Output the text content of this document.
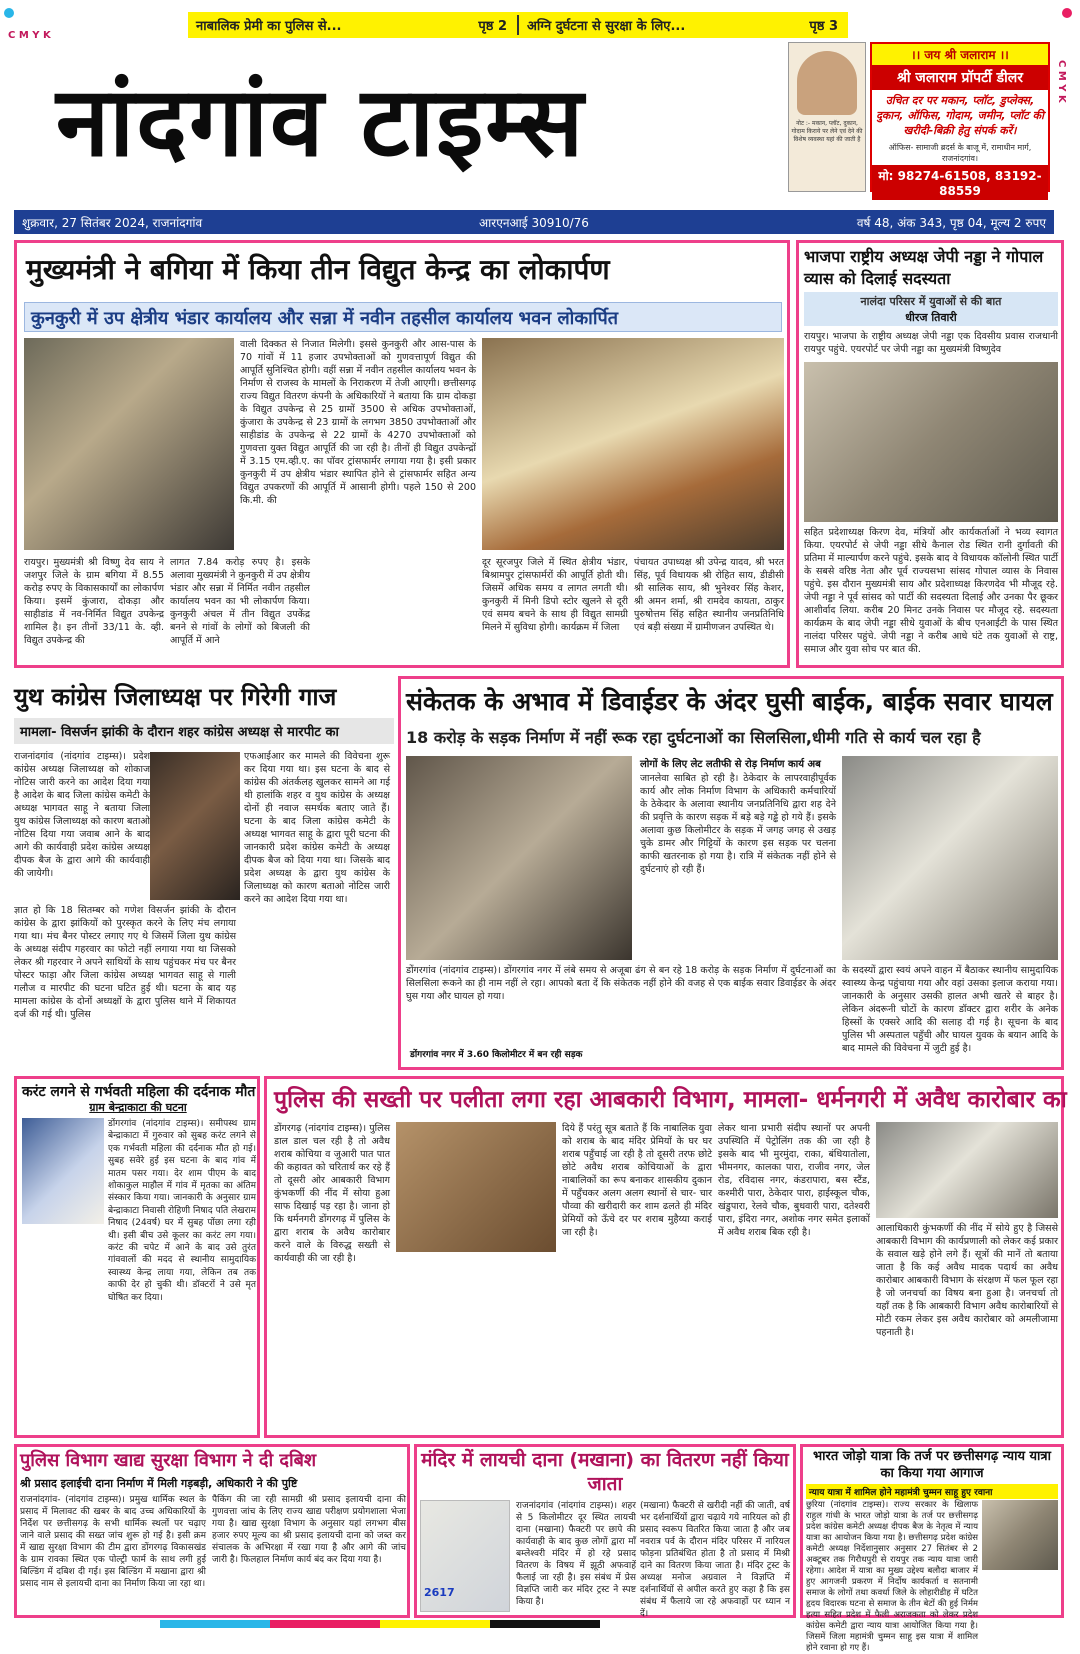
C M Y K
C M Y K
नाबालिक प्रेमी का पुलिस से...	पृष्ठ 2 अग्नि दुर्घटना से सुरक्षा के लिए...	पृष्ठ 3
नांदगांव टाइम्स	नोट :- मकान, प्लॉट, दुकान, गोदाम किराये पर लेने एवं देने की विशेष व्यवस्था यहां की जाती है
।। जय श्री जलाराम ।।
श्री जलाराम प्रॉपर्टी डीलर
उचित दर पर मकान, प्लॉट, डुप्लेक्स, दुकान, ऑफिस, गोदाम, जमीन, प्लॉट की खरीदी-बिक्री हेतु संपर्क करें।
ऑफिस- सामाजी ब्रदर्स के बाजू में, रामाधीन मार्ग, राजनांदगांव।
मो: 98274-61508, 83192-88559
शुक्रवार, 27 सितंबर 2024, राजनांदगांव	आरएनआई 30910/76	वर्ष 48, अंक 343, पृष्ठ 04, मूल्य 2 रुपए
मुख्यमंत्री ने बगिया में किया तीन विद्युत केन्द्र का लोकार्पण
कुनकुरी में उप क्षेत्रीय भंडार कार्यालय और सन्ना में नवीन तहसील कार्यालय भवन लोकार्पित
रायपुर। मुख्यमंत्री श्री विष्णु देव साय ने जशपुर जिले के ग्राम बगिया में 8.55 करोड़ रुपए के विकासकार्यों का लोकार्पण किया। इसमें कुंजारा, दोकड़ा और साहीडांड में नव-निर्मित विद्युत उपकेन्द्र शामिल है। इन तीनों 33/11 के. व्ही. विद्युत उपकेन्द्र की
लागत 7.84 करोड़ रुपए है। इसके अलावा मुख्यमंत्री ने कुनकुरी में उप क्षेत्रीय भंडार और सन्ना में निर्मित नवीन तहसील कार्यालय भवन का भी लोकार्पण किया। कुनकुरी अंचल में तीन विद्युत उपकेंद्र बनने से गांवों के लोगों को बिजली की आपूर्ति में आने
वाली दिक्कत से निजात मिलेगी। इससे कुनकुरी और आस-पास के 70 गांवों में 11 हजार उपभोक्ताओं को गुणवत्तापूर्ण विद्युत की आपूर्ति सुनिश्चित होगी। वहीं सन्ना में नवीन तहसील कार्यालय भवन के निर्माण से राजस्व के मामलों के निराकरण में तेजी आएगी। छत्तीसगढ़ राज्य विद्युत वितरण कंपनी के अधिकारियों ने बताया कि ग्राम दोकड़ा के विद्युत उपकेन्द्र से 25 ग्रामों 3500 से अधिक उपभोक्ताओं, कुंजारा के उपकेन्द्र से 23 ग्रामों के लगभग 3850 उपभोक्ताओं और साहीडांड के उपकेन्द्र से 22 ग्रामों के 4270 उपभोक्ताओं को गुणवत्ता युक्त विद्युत आपूर्ति की जा रही है। तीनों ही विद्युत उपकेन्द्रों में 3.15 एम.व्ही.ए. का पॉवर ट्रांसफार्मर लगाया गया है। इसी प्रकार कुनकुरी में उप क्षेत्रीय भंडार स्थापित होने से ट्रांसफार्मर सहित अन्य विद्युत उपकरणों की आपूर्ति में आसानी होगी। पहले 150 से 200 कि.मी. की
दूर सूरजपुर जिले में स्थित क्षेत्रीय भंडार, बिश्रामपुर ट्रांसफार्मरों की आपूर्ति होती थी। जिसमें अधिक समय व लागत लगती थी। कुनकुरी में मिनी डिपो स्टोर खुलने से दूरी एवं समय बचने के साथ ही विद्युत सामग्री मिलने में सुविधा होगी। कार्यक्रम में जिला
पंचायत उपाध्यक्ष श्री उपेन्द्र यादव, श्री भरत सिंह, पूर्व विधायक श्री रोहित साय, डीडीसी श्री सालिक साय, श्री भुनेश्वर सिंह केशर, श्री अमन शर्मा, श्री रामदेव कायता, ठाकुर पुरुषोत्तम सिंह सहित स्थानीय जनप्रतिनिधि एवं बड़ी संख्या में ग्रामीणजन उपस्थित थे।
भाजपा राष्ट्रीय अध्यक्ष जेपी नड्डा ने गोपाल व्यास को दिलाई सदस्यता
नालंदा परिसर में युवाओं से की बात
धीरज तिवारी
रायपुर। भाजपा के राष्ट्रीय अध्यक्ष जेपी नड्डा एक दिवसीय प्रवास राजधानी रायपुर पहुंचे. एयरपोर्ट पर जेपी नड्डा का मुख्यमंत्री विष्णुदेव
सहित प्रदेशाध्यक्ष किरण देव, मंत्रियों और कार्यकर्ताओं ने भव्य स्वागत किया. एयरपोर्ट से जेपी नड्डा सीधे कैनाल रोड स्थित रानी दुर्गावती की प्रतिमा में माल्यार्पण करने पहुंचे. इसके बाद वे विधायक कॉलोनी स्थित पार्टी के सबसे वरिष्ठ नेता और पूर्व राज्यसभा सांसद गोपाल व्यास के निवास पहुंचे. इस दौरान मुख्यमंत्री साय और प्रदेशाध्यक्ष किरणदेव भी मौजूद रहे. जेपी नड्डा ने पूर्व सांसद को पार्टी की सदस्यता दिलाई और उनका पैर छूकर आशीर्वाद लिया. करीब 20 मिनट उनके निवास पर मौजूद रहे. सदस्यता कार्यक्रम के बाद जेपी नड्डा सीधे युवाओं के बीच एनआईटी के पास स्थित नालंदा परिसर पहुंचे. जेपी नड्डा ने करीब आधे घंटे तक युवाओं से राष्ट्र, समाज और युवा सोच पर बात की.
युथ कांग्रेस जिलाध्यक्ष पर गिरेगी गाज
मामला- विसर्जन झांकी के दौरान शहर कांग्रेस अध्यक्ष से मारपीट का
राजनांदगांव (नांदगांव टाइम्स)। प्रदेश कांग्रेस अध्यक्ष जिलाध्यक्ष को शोकाज नोटिस जारी करने का आदेश दिया गया है आदेश के बाद जिला कांग्रेस कमेटी के अध्यक्ष भागवत साहू ने बताया जिला युथ कांग्रेस जिलाध्यक्ष को कारण बताओ नोटिस दिया गया जवाब आने के बाद आगे की कार्यवाही प्रदेश कांग्रेस अध्यक्ष दीपक बैज के द्वारा आगे की कार्यवाही की जायेगी।
ज्ञात हो कि 18 सितम्बर को गणेश विसर्जन झांकी के दौरान कांग्रेस के द्वारा झांकियों को पुरस्कृत करने के लिए मंच लगाया गया था। मंच बैनर पोस्टर लगाए गए थे जिसमें जिला युथ कांग्रेस के अध्यक्ष संदीप गहरवार का फोटो नहीं लगाया गया था जिसको लेकर श्री गहरवार ने अपने साथियों के साथ पहुंचकर मंच पर बैनर पोस्टर फाड़ा और जिला कांग्रेस अध्यक्ष भागवत साहू से गाली गलौज व मारपीट की घटना घटित हुई थी। घटना के बाद यह मामला कांग्रेस के दोनों अध्यक्षों के द्वारा पुलिस थाने में शिकायत दर्ज की गई थी। पुलिस
एफआईआर कर मामले की विवेचना शुरू कर दिया गया था। इस घटना के बाद से कांग्रेस की अंतर्कलह खुलकर सामने आ गई थी हालांकि शहर व युथ कांग्रेस के अध्यक्ष दोनों ही नवाज समर्थक बताए जाते हैं। घटना के बाद जिला कांग्रेस कमेटी के अध्यक्ष भागवत साहू के द्वारा पूरी घटना की जानकारी प्रदेश कांग्रेस कमेटी के अध्यक्ष दीपक बैज को दिया गया था। जिसके बाद प्रदेश अध्यक्ष के द्वारा युथ कांग्रेस के जिलाध्यक्ष को कारण बताओ नोटिस जारी करने का आदेश दिया गया था।
संकेतक के अभाव में डिवाईडर के अंदर घुसी बाईक, बाईक सवार घायल
18 करोड़ के सड़क निर्माण में नहीं रूक रहा दुर्घटनाओं का सिलसिला,धीमी गति से कार्य चल रहा है
लोगों के लिए लेट लतीफी से रोड़ निर्माण कार्य अब
जानलेवा साबित हो रही है। ठेकेदार के लापरवाहीपूर्वक कार्य और लोक निर्माण विभाग के अधिकारी कर्मचारियों के ठेकेदार के अलावा स्थानीय जनप्रतिनिधि द्वारा शह देने की प्रवृत्ति के कारण सड़क में बड़े बड़े गड्ढे हो गये हैं। इसके अलावा कुछ किलोमीटर के सड़क में जगह जगह से उखड़ चुके डामर और गिट्टियों के कारण इस सड़क पर चलना काफी खतरनाक हो गया है। रात्रि में संकेतक नहीं होने से दुर्घटनाएं हो रही हैं।
डोंगरगांव (नांदगांव टाइम्स)। डोंगरगांव नगर में लंबे समय से अजूबा ढंग से बन रहे 18 करोड़ के सड़क निर्माण में दुर्घटनाओं का सिलसिला रूकने का ही नाम नहीं ले रहा। आपको बता दें कि संकेतक नहीं होने की वजह से एक बाईक सवार डिवाईडर के अंदर घुस गया और घायल हो गया।
डोंगरगांव नगर में 3.60 किलोमीटर में बन रही सड़क
के सदस्यों द्वारा स्वयं अपने वाहन में बैठाकर स्थानीय सामुदायिक स्वास्थ्य केन्द्र पहुंचाया गया और वहां उसका इलाज कराया गया। जानकारी के अनुसार उसकी हालत अभी खतरे से बाहर है। लेकिन अंदरूनी चोटों के कारण डॉक्टर द्वारा शरीर के अनेक हिस्सों के एक्सरे आदि की सलाह दी गई है। सूचना के बाद पुलिस भी अस्पताल पहुँची और घायल युवक के बयान आदि के बाद मामले की विवेचना में जुटी हुई है।
करंट लगने से गर्भवती महिला की दर्दनाक मौत
ग्राम बेन्द्राकाटा की घटना
डोंगरगांव (नांदगांव टाइम्स)। समीपस्थ ग्राम बेन्द्राकाटा में गुरुवार को सुबह करंट लगने से एक गर्भवती महिला की दर्दनाक मौत हो गई। सुबह सवेरे हुई इस घटना के बाद गांव में मातम पसर गया। देर शाम पीएम के बाद शोकाकुल माहौल में गांव में मृतका का अंतिम संस्कार किया गया। जानकारी के अनुसार ग्राम बेन्द्राकाटा निवासी रोहिणी निषाद पति लेखराम निषाद (24वर्ष) घर में सुबह पोंछा लगा रही थी। इसी बीच उसे कूलर का करंट लग गया। करंट की चपेट में आने के बाद उसे तुरंत गांववालों की मदद से स्थानीय सामुदायिक स्वास्थ्य केन्द्र लाया गया, लेकिन तब तक काफी देर हो चुकी थी। डॉक्टरों ने उसे मृत घोषित कर दिया।
पुलिस की सख्ती पर पलीता लगा रहा आबकारी विभाग, मामला- धर्मनगरी में अवैध कारोबार का
डोंगरगढ़ (नांदगांव टाइम्स)। पुलिस डाल डाल चल रही है तो अवैध शराब कोचिया व जुआरी पात पात की कहावत को चरितार्थ कर रहे हैं तो दूसरी ओर आबकारी विभाग कुंभकर्णी की नींद में सोया हुआ साफ दिखाई पड़ रहा है। जाना हो कि धर्मनगरी डोंगरगढ़ में पुलिस के द्वारा शराब के अवैध कारोबार करने वाले के विरुद्ध सख्ती से कार्यवाही की जा रही है।
दिये हैं परंतु सूत्र बताते हैं कि नाबालिक युवा को शराब के बाद मंदिर प्रेमियों के घर घर शराब पहुँचाई जा रही है तो दूसरी तरफ छोटे छोटे अवैध शराब कोचियाओं के द्वारा नाबालिकों का रूप बनाकर शासकीय दुकान में पहुँचकर अलग अलग स्थानों से चार- चार पौव्वा की खरीदारी कर शाम ढलते ही मंदिर प्रेमियों को ऊँचे दर पर शराब मुहैय्या कराई जा रही है।
लेकर थाना प्रभारी संदीप स्थानों पर अपनी उपस्थिति में पेट्रोलिंग तक की जा रही है इसके बाद भी मुरमुंदा, राका, बंधियातोला, भीमनगर, कालका पारा, राजीव नगर, जेल रोड, रविदास नगर, कंडरापारा, बस स्टैंड, कश्मीरी पारा, ठेकेदार पारा, हाईस्कूल चौक, खंडुपारा, रेलवे चौक, बुधवारी पारा, दतेश्वरी पारा, इंदिरा नगर, अशोक नगर समेत इलाकों में अवैध शराब बिक रही है।	आलाधिकारी कुंभकर्णी की नींद में सोये हुए है जिससे आबकारी विभाग की कार्यप्रणाली को लेकर कई प्रकार के सवाल खड़े होने लगे हैं। सूत्रों की मानें तो बताया जाता है कि कई अवैध मादक पदार्थ का अवैध कारोबार आबकारी विभाग के संरक्षण में फल फूल रहा है जो जनचर्चा का विषय बना हुआ है। जनचर्चा तो यहाँ तक है कि आबकारी विभाग अवैध कारोबारियों से मोटी रकम लेकर इस अवैध कारोबार को अमलीजामा पहनाती है।
पुलिस विभाग खाद्य सुरक्षा विभाग ने दी दबिश
श्री प्रसाद इलाईची दाना निर्माण में मिली गड़बड़ी, अधिकारी ने की पुष्टि
राजनांदगांव- (नांदगांव टाइम्स)। प्रमुख धार्मिक स्थल के प्रसाद में मिलावट की खबर के बाद उच्च अधिकारियों के निर्देश पर छत्तीसगढ़ के सभी धार्मिक स्थलों पर चढ़ाए जाने वाले प्रसाद की सख्त जांच शुरू हो गई है। इसी क्रम में खाद्य सुरक्षा विभाग की टीम द्वारा डोंगरगढ़ विकासखंड के ग्राम रावका स्थित एक पोल्ट्री फार्म के साथ लगी हुई बिल्डिंग में दबिश दी गई। इस बिल्डिंग में मखाना द्वारा श्री प्रसाद नाम से इलायची दाना का निर्माण किया जा रहा था।
पैकिंग की जा रही सामग्री श्री प्रसाद इलायची दाना की गुणवत्ता जांच के लिए राज्य खाद्य परीक्षण प्रयोगशाला भेजा गया है। खाद्य सुरक्षा विभाग के अनुसार यहां लगभग बीस हजार रुपए मूल्य का श्री प्रसाद इलायची दाना को जब्त कर संचालक के अभिरक्षा में रखा गया है और आगे की जांच जारी है। फिलहाल निर्माण कार्य बंद कर दिया गया है।
मंदिर में लायची दाना (मखाना) का वितरण नहीं किया जाता
2617
राजनांदगांव (नांदगांव टाइम्स)। शहर से 5 किलोमीटर दूर स्थित लायची दाना (मखाना) फैक्टरी पर छापे की कार्यवाही के बाद कुछ लोगों द्वारा माँ बम्लेश्वरी मंदिर में हो रहे प्रसाद वितरण के विषय में झूठी अफवाहें फैलाई जा रही है। इस संबंध में प्रेस विज्ञप्ति जारी कर मंदिर ट्रस्ट ने स्पष्ट किया है।
(मखाना) फैक्टरी से खरीदी नहीं की जाती, वर्ष भर दर्शनार्थियों द्वारा चढ़ाये गये नारियल को ही प्रसाद स्वरूप वितरित किया जाता है और जब नवरात्र पर्व के दौरान मंदिर परिसर में नारियल फोड़ना प्रतिबंधित होता है तो प्रसाद में मिश्री दाने का वितरण किया जाता है। मंदिर ट्रस्ट के अध्यक्ष मनोज अग्रवाल ने विज्ञप्ति में दर्शनार्थियों से अपील करते हुए कहा है कि इस संबंध में फैलाये जा रहे अफवाहों पर ध्यान न दें।
भारत जोड़ो यात्रा कि तर्ज पर छत्तीसगढ़ न्याय यात्रा का किया गया आगाज
न्याय यात्रा में शामिल होने महामंत्री चुम्मन साहू हुए रवाना
छुरिया (नांदगांव टाइम्स)। राज्य सरकार के खिलाफ राहुल गांधी के भारत जोड़ो यात्रा के तर्ज पर छत्तीसगढ़ प्रदेश कांग्रेस कमेटी अध्यक्ष दीपक बैज के नेतृत्व में न्याय यात्रा का आयोजन किया गया है। छत्तीसगढ़ प्रदेश कांग्रेस कमेटी अध्यक्ष निर्देशानुसार अनुसार 27 सितंबर से 2 अक्टूबर तक गिरौधपुरी से रायपुर तक न्याय यात्रा जारी रहेगा। आदेश में यात्रा का मुख्य उद्देश्य बलौदा बाजार में हुए आगजनी प्रकरण में निर्दोष कार्यकर्ता व सतनामी समाज के लोगों तथा कवर्धा जिले के लोहारीडीह में घटित हृदय विदारक घटना से समाज के तीन बेटों की हुई निर्मम हत्या सहित प्रदेश में फैली अराजकता को लेकर प्रदेश कांग्रेस कमेटी द्वारा न्याय यात्रा आयोजित किया गया है। जिसमें जिला महामंत्री चुम्मन साहू इस यात्रा में शामिल होने रवाना हो गए हैं।
